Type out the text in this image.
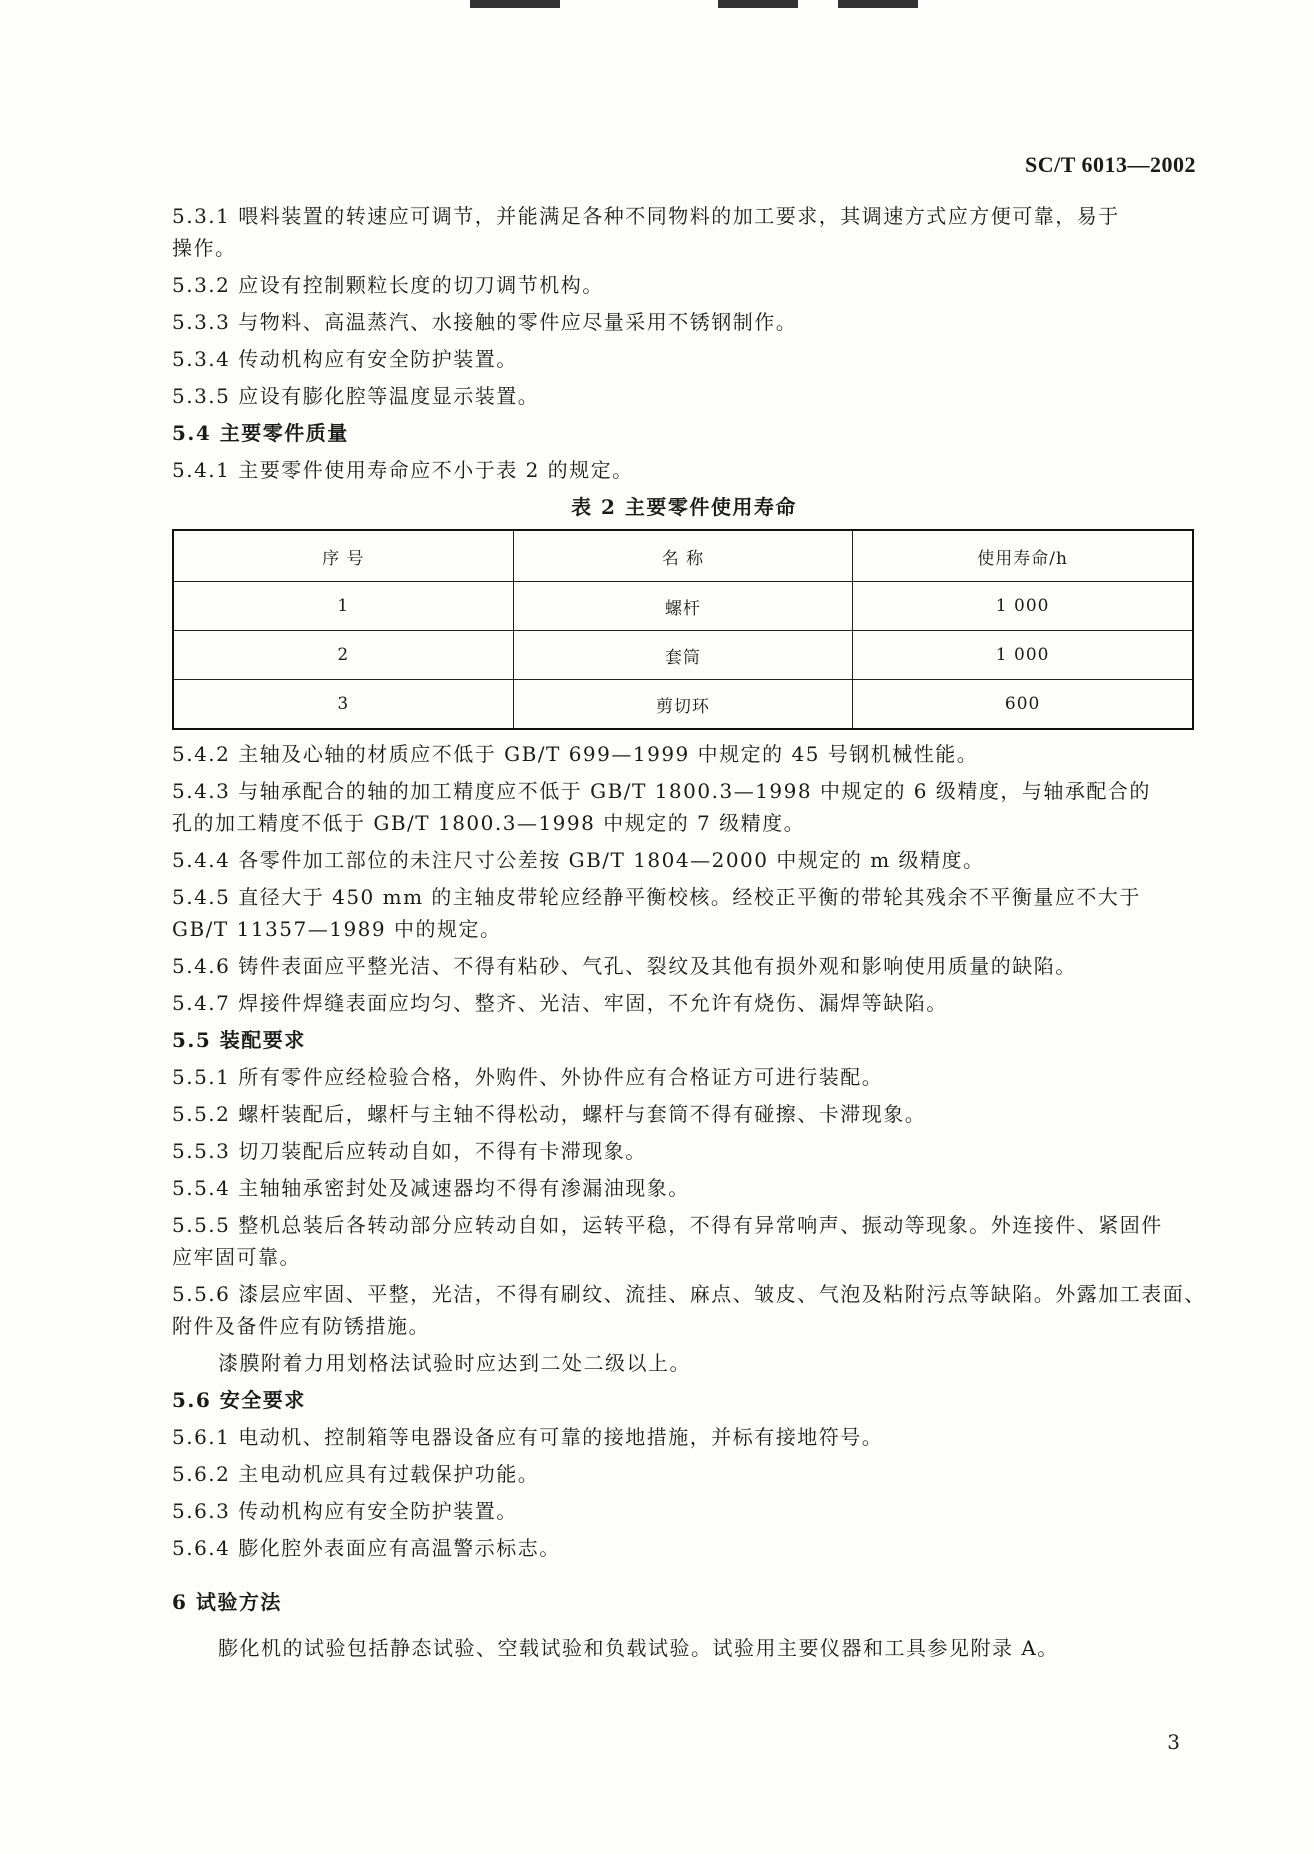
SC/T 6013—2002

5.3.1 喂料装置的转速应可调节，并能满足各种不同物料的加工要求，其调速方式应方便可靠，易于

操作。

5.3.2 应设有控制颗粒长度的切刀调节机构。

5.3.3 与物料、高温蒸汽、水接触的零件应尽量采用不锈钢制作。

5.3.4 传动机构应有安全防护装置。

5.3.5 应设有膨化腔等温度显示装置。

5.4 主要零件质量

5.4.1 主要零件使用寿命应不小于表 2 的规定。

表 2 主要零件使用寿命

序 号	名 称	使用寿命/h
1	螺杆	1 000
2	套筒	1 000
3	剪切环	600

5.4.2 主轴及心轴的材质应不低于 GB/T 699—1999 中规定的 45 号钢机械性能。

5.4.3 与轴承配合的轴的加工精度应不低于 GB/T 1800.3—1998 中规定的 6 级精度，与轴承配合的

孔的加工精度不低于 GB/T 1800.3—1998 中规定的 7 级精度。

5.4.4 各零件加工部位的未注尺寸公差按 GB/T 1804—2000 中规定的 m 级精度。

5.4.5 直径大于 450 mm 的主轴皮带轮应经静平衡校核。经校正平衡的带轮其残余不平衡量应不大于

GB/T 11357—1989 中的规定。

5.4.6 铸件表面应平整光洁、不得有粘砂、气孔、裂纹及其他有损外观和影响使用质量的缺陷。

5.4.7 焊接件焊缝表面应均匀、整齐、光洁、牢固，不允许有烧伤、漏焊等缺陷。

5.5 装配要求

5.5.1 所有零件应经检验合格，外购件、外协件应有合格证方可进行装配。

5.5.2 螺杆装配后，螺杆与主轴不得松动，螺杆与套筒不得有碰擦、卡滞现象。

5.5.3 切刀装配后应转动自如，不得有卡滞现象。

5.5.4 主轴轴承密封处及减速器均不得有渗漏油现象。

5.5.5 整机总装后各转动部分应转动自如，运转平稳，不得有异常响声、振动等现象。外连接件、紧固件

应牢固可靠。

5.5.6 漆层应牢固、平整，光洁，不得有刷纹、流挂、麻点、皱皮、气泡及粘附污点等缺陷。外露加工表面、

附件及备件应有防锈措施。

漆膜附着力用划格法试验时应达到二处二级以上。

5.6 安全要求

5.6.1 电动机、控制箱等电器设备应有可靠的接地措施，并标有接地符号。

5.6.2 主电动机应具有过载保护功能。

5.6.3 传动机构应有安全防护装置。

5.6.4 膨化腔外表面应有高温警示标志。

6 试验方法

膨化机的试验包括静态试验、空载试验和负载试验。试验用主要仪器和工具参见附录 A。

3
